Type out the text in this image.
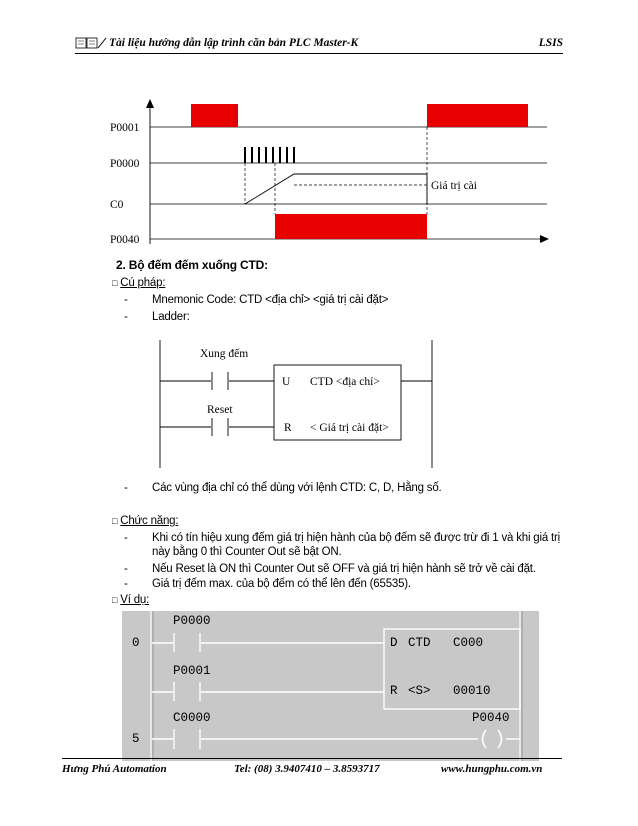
Tài liệu hướng dẫn lập trình căn bản PLC Master-K	LSIS
P0001
P0000
C0
P0040
Giá trị cài
2. Bộ đếm đếm xuống CTD:
□ Cú pháp:
- Mnemonic Code: CTD <địa chỉ> <giá trị cài đặt>
- Ladder:
Xung đếm
Reset
U
R
CTD <địa chỉ>
< Giá trị cài đặt>
- Các vùng địa chỉ có thể dùng với lệnh CTD: C, D, Hằng số.
□ Chức năng:
- Khi có tín hiệu xung đếm giá trị hiện hành của bộ đếm sẽ được trừ đi 1 và khi giá trị
này bằng 0 thì Counter Out sẽ bật ON.
- Nếu Reset là ON thì Counter Out sẽ OFF và giá trị hiện hành sẽ trở về cài đặt.
- Giá trị đếm max. của bộ đếm có thể lên đến (65535).
□ Ví dụ:
0
5
P0000
P0001
C0000	P0040
D CTD C000
R <S> 00010
Hưng Phú Automation	Tel: (08) 3.9407410 – 3.8593717	www.hungphu.com.vn
